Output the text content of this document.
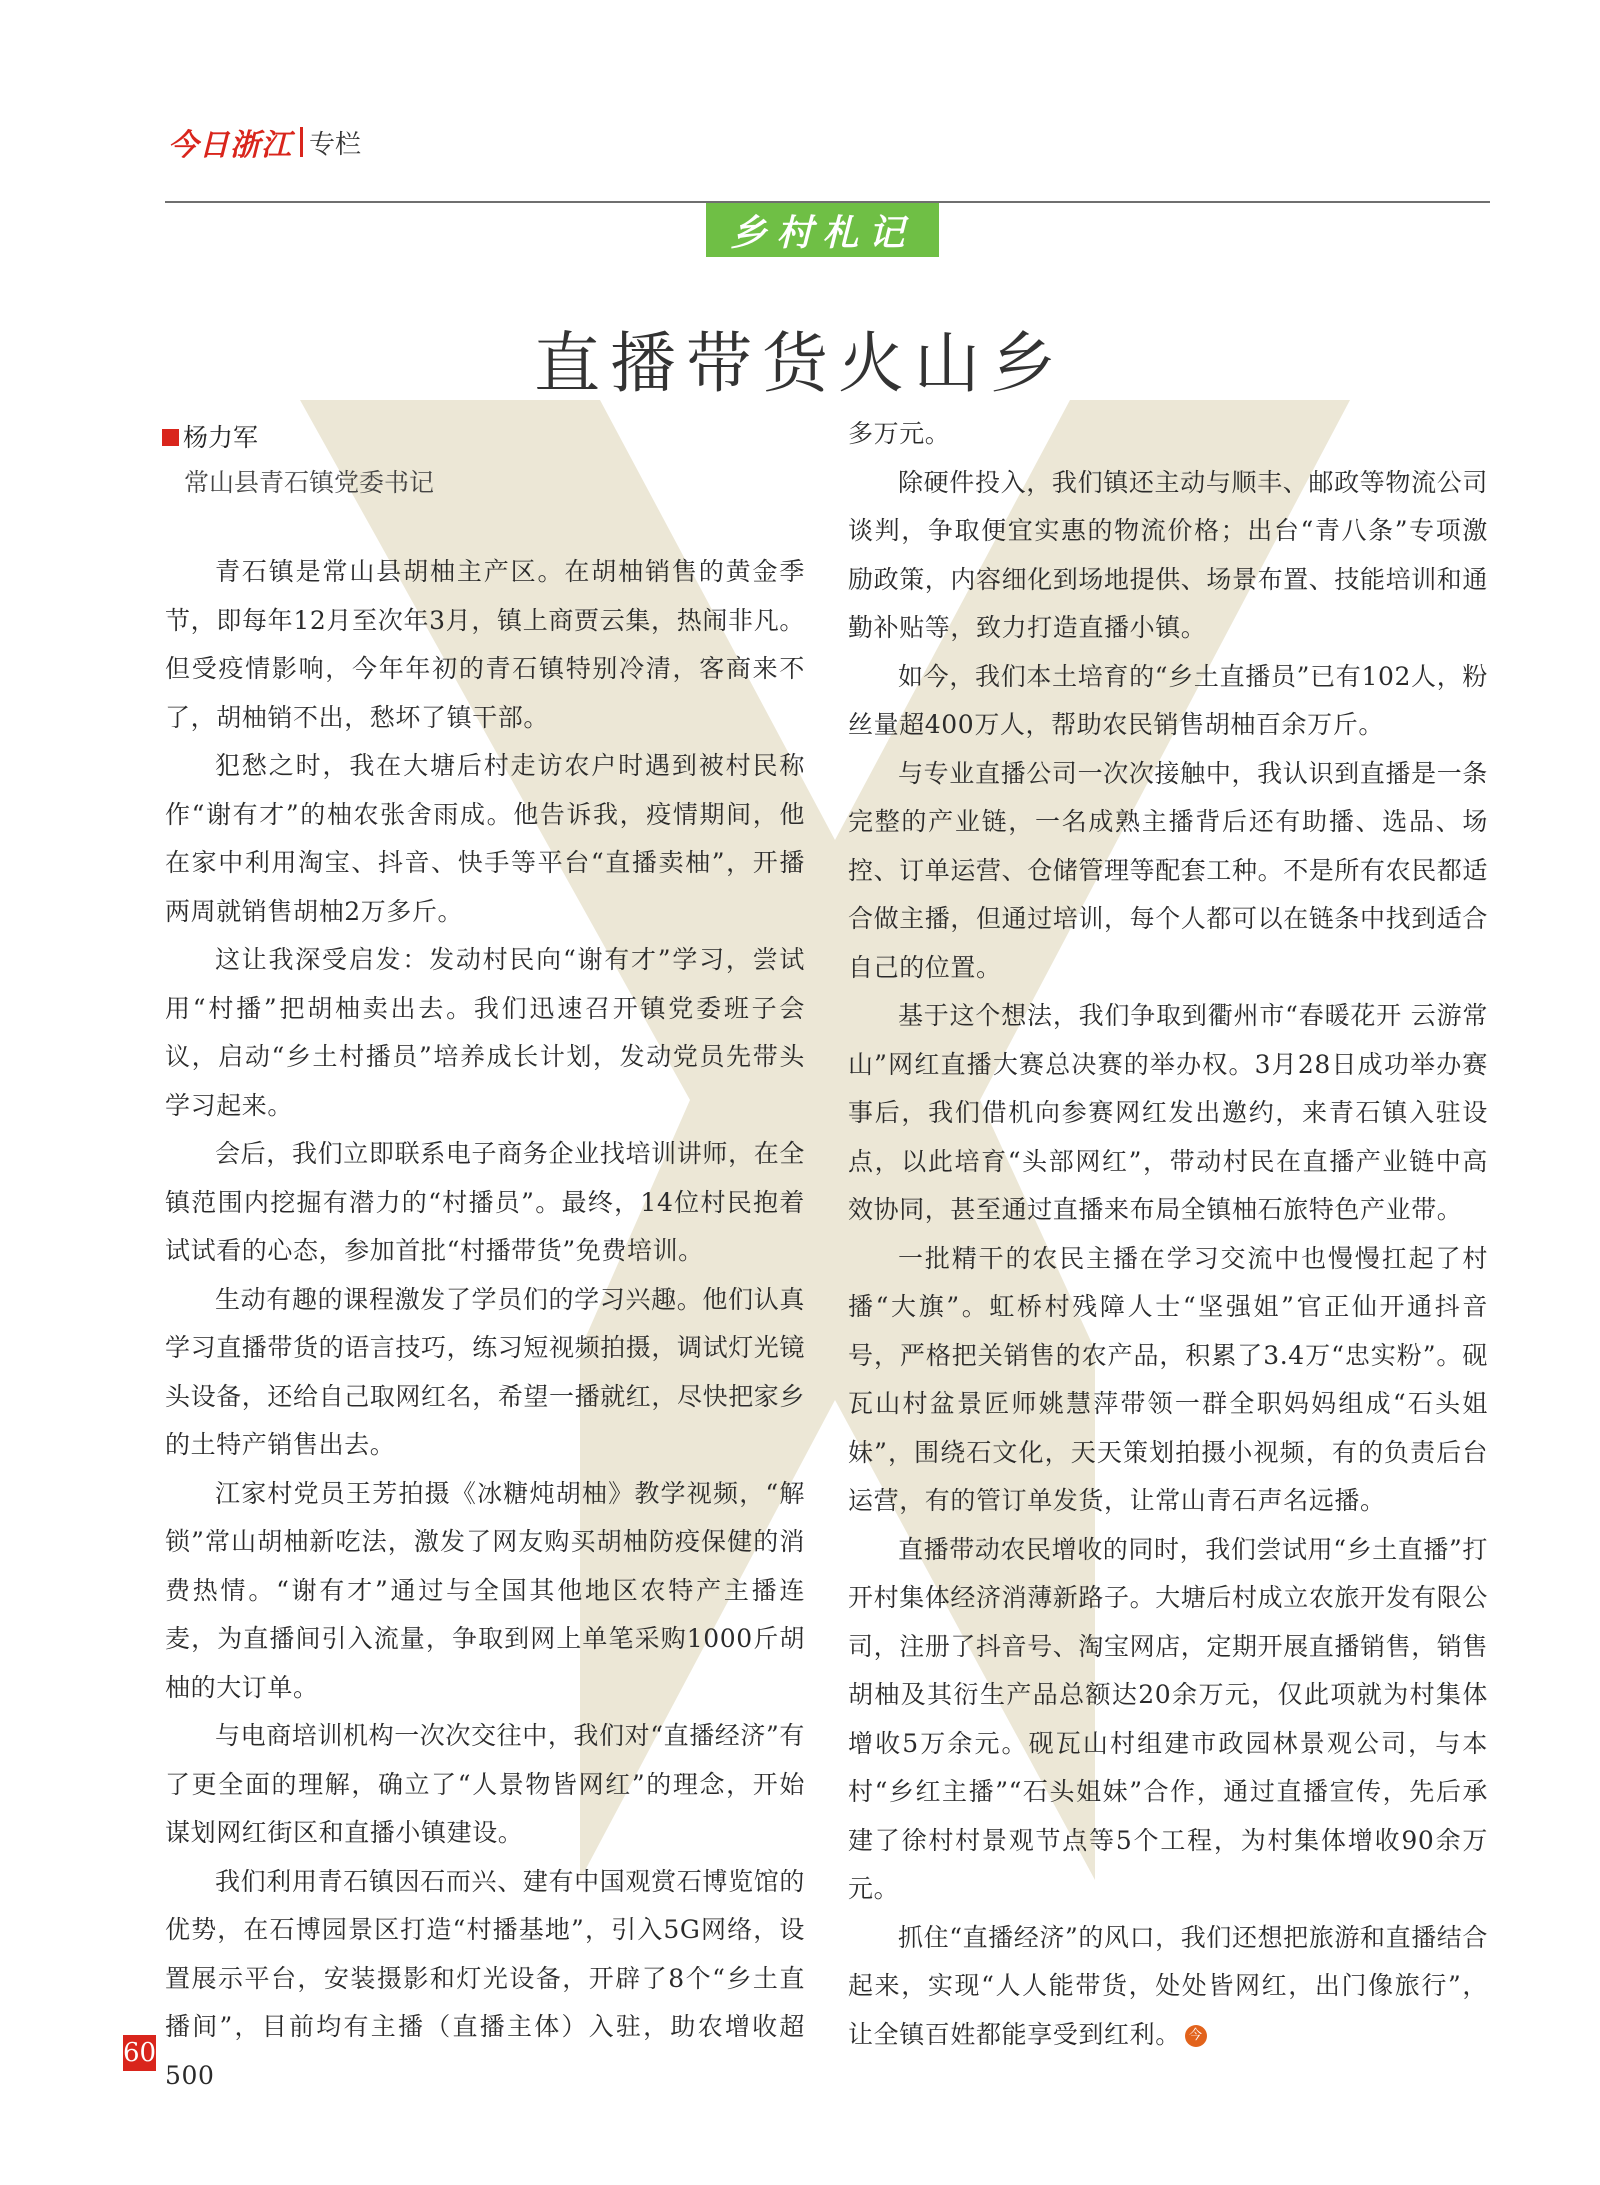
今日浙江 专栏
乡村札记
直播带货火山乡
杨力军
常山县青石镇党委书记

青石镇是常山县胡柚主产区。在胡柚销售的黄金季节，即每年12月至次年3月，镇上商贾云集，热闹非凡。但受疫情影响，今年年初的青石镇特别冷清，客商来不了，胡柚销不出，愁坏了镇干部。

犯愁之时，我在大塘后村走访农户时遇到被村民称作“谢有才”的柚农张舍雨成。他告诉我，疫情期间，他在家中利用淘宝、抖音、快手等平台“直播卖柚”，开播两周就销售胡柚2万多斤。

这让我深受启发：发动村民向“谢有才”学习，尝试用“村播”把胡柚卖出去。我们迅速召开镇党委班子会议，启动“乡土村播员”培养成长计划，发动党员先带头学习起来。

会后，我们立即联系电子商务企业找培训讲师，在全镇范围内挖掘有潜力的“村播员”。最终，14位村民抱着试试看的心态，参加首批“村播带货”免费培训。

生动有趣的课程激发了学员们的学习兴趣。他们认真学习直播带货的语言技巧，练习短视频拍摄，调试灯光镜头设备，还给自己取网红名，希望一播就红，尽快把家乡的土特产销售出去。

江家村党员王芳拍摄《冰糖炖胡柚》教学视频，“解锁”常山胡柚新吃法，激发了网友购买胡柚防疫保健的消费热情。“谢有才”通过与全国其他地区农特产主播连麦，为直播间引入流量，争取到网上单笔采购1000斤胡柚的大订单。

与电商培训机构一次次交往中，我们对“直播经济”有了更全面的理解，确立了“人景物皆网红”的理念，开始谋划网红街区和直播小镇建设。

我们利用青石镇因石而兴、建有中国观赏石博览馆的优势，在石博园景区打造“村播基地”，引入5G网络，设置展示平台，安装摄影和灯光设备，开辟了8个“乡土直播间”，目前均有主播（直播主体）入驻，助农增收超500

多万元。

除硬件投入，我们镇还主动与顺丰、邮政等物流公司谈判，争取便宜实惠的物流价格；出台“青八条”专项激励政策，内容细化到场地提供、场景布置、技能培训和通勤补贴等，致力打造直播小镇。

如今，我们本土培育的“乡土直播员”已有102人，粉丝量超400万人，帮助农民销售胡柚百余万斤。

与专业直播公司一次次接触中，我认识到直播是一条完整的产业链，一名成熟主播背后还有助播、选品、场控、订单运营、仓储管理等配套工种。不是所有农民都适合做主播，但通过培训，每个人都可以在链条中找到适合自己的位置。

基于这个想法，我们争取到衢州市“春暖花开 云游常山”网红直播大赛总决赛的举办权。3月28日成功举办赛事后，我们借机向参赛网红发出邀约，来青石镇入驻设点，以此培育“头部网红”，带动村民在直播产业链中高效协同，甚至通过直播来布局全镇柚石旅特色产业带。

一批精干的农民主播在学习交流中也慢慢扛起了村播“大旗”。虹桥村残障人士“坚强姐”官正仙开通抖音号，严格把关销售的农产品，积累了3.4万“忠实粉”。砚瓦山村盆景匠师姚慧萍带领一群全职妈妈组成“石头姐妹”，围绕石文化，天天策划拍摄小视频，有的负责后台运营，有的管订单发货，让常山青石声名远播。

直播带动农民增收的同时，我们尝试用“乡土直播”打开村集体经济消薄新路子。大塘后村成立农旅开发有限公司，注册了抖音号、淘宝网店，定期开展直播销售，销售胡柚及其衍生产品总额达20余万元，仅此项就为村集体增收5万余元。砚瓦山村组建市政园林景观公司，与本村“乡红主播”“石头姐妹”合作，通过直播宣传，先后承建了徐村村景观节点等5个工程，为村集体增收90余万元。

抓住“直播经济”的风口，我们还想把旅游和直播结合起来，实现“人人能带货，处处皆网红，出门像旅行”，让全镇百姓都能享受到红利。 今

60
